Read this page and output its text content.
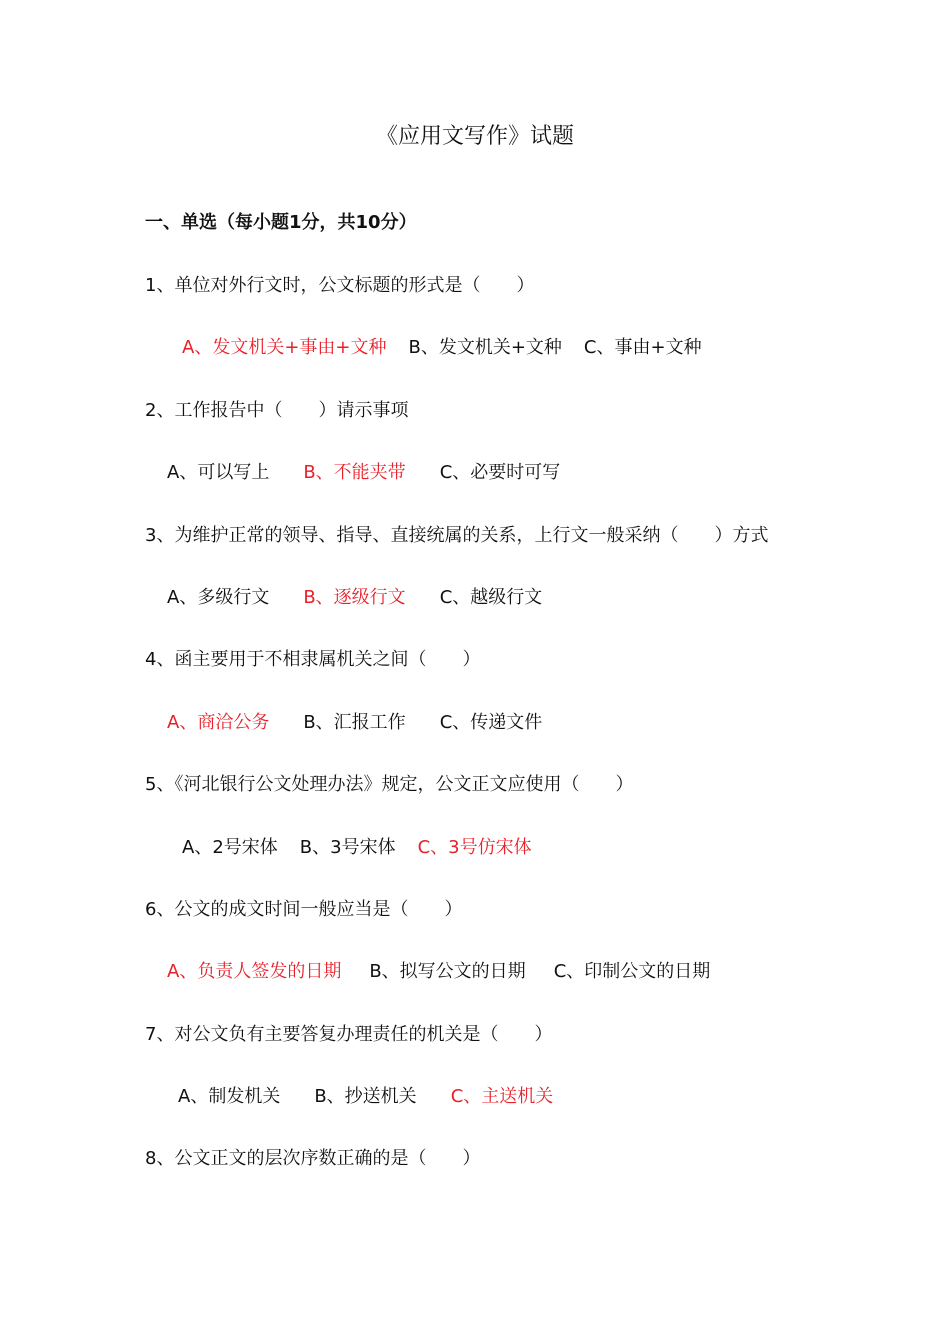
《应用文写作》试题
一、单选（每小题1分，共10分）
1、单位对外行文时，公文标题的形式是（　　）
A、发文机关+事由+文种 B、发文机关+文种 C、事由+文种
2、工作报告中（　　）请示事项
A、可以写上 B、不能夹带 C、必要时可写
3、为维护正常的领导、指导、直接统属的关系，上行文一般采纳（　　）方式
A、多级行文 B、逐级行文 C、越级行文
4、函主要用于不相隶属机关之间（　　）
A、商洽公务 B、汇报工作 C、传递文件
5、《河北银行公文处理办法》规定，公文正文应使用（　　）
A、2号宋体 B、3号宋体 C、3号仿宋体
6、公文的成文时间一般应当是（　　）
A、负责人签发的日期 B、拟写公文的日期 C、印制公文的日期
7、对公文负有主要答复办理责任的机关是（　　）
A、制发机关 B、抄送机关 C、主送机关
8、公文正文的层次序数正确的是（　　）
